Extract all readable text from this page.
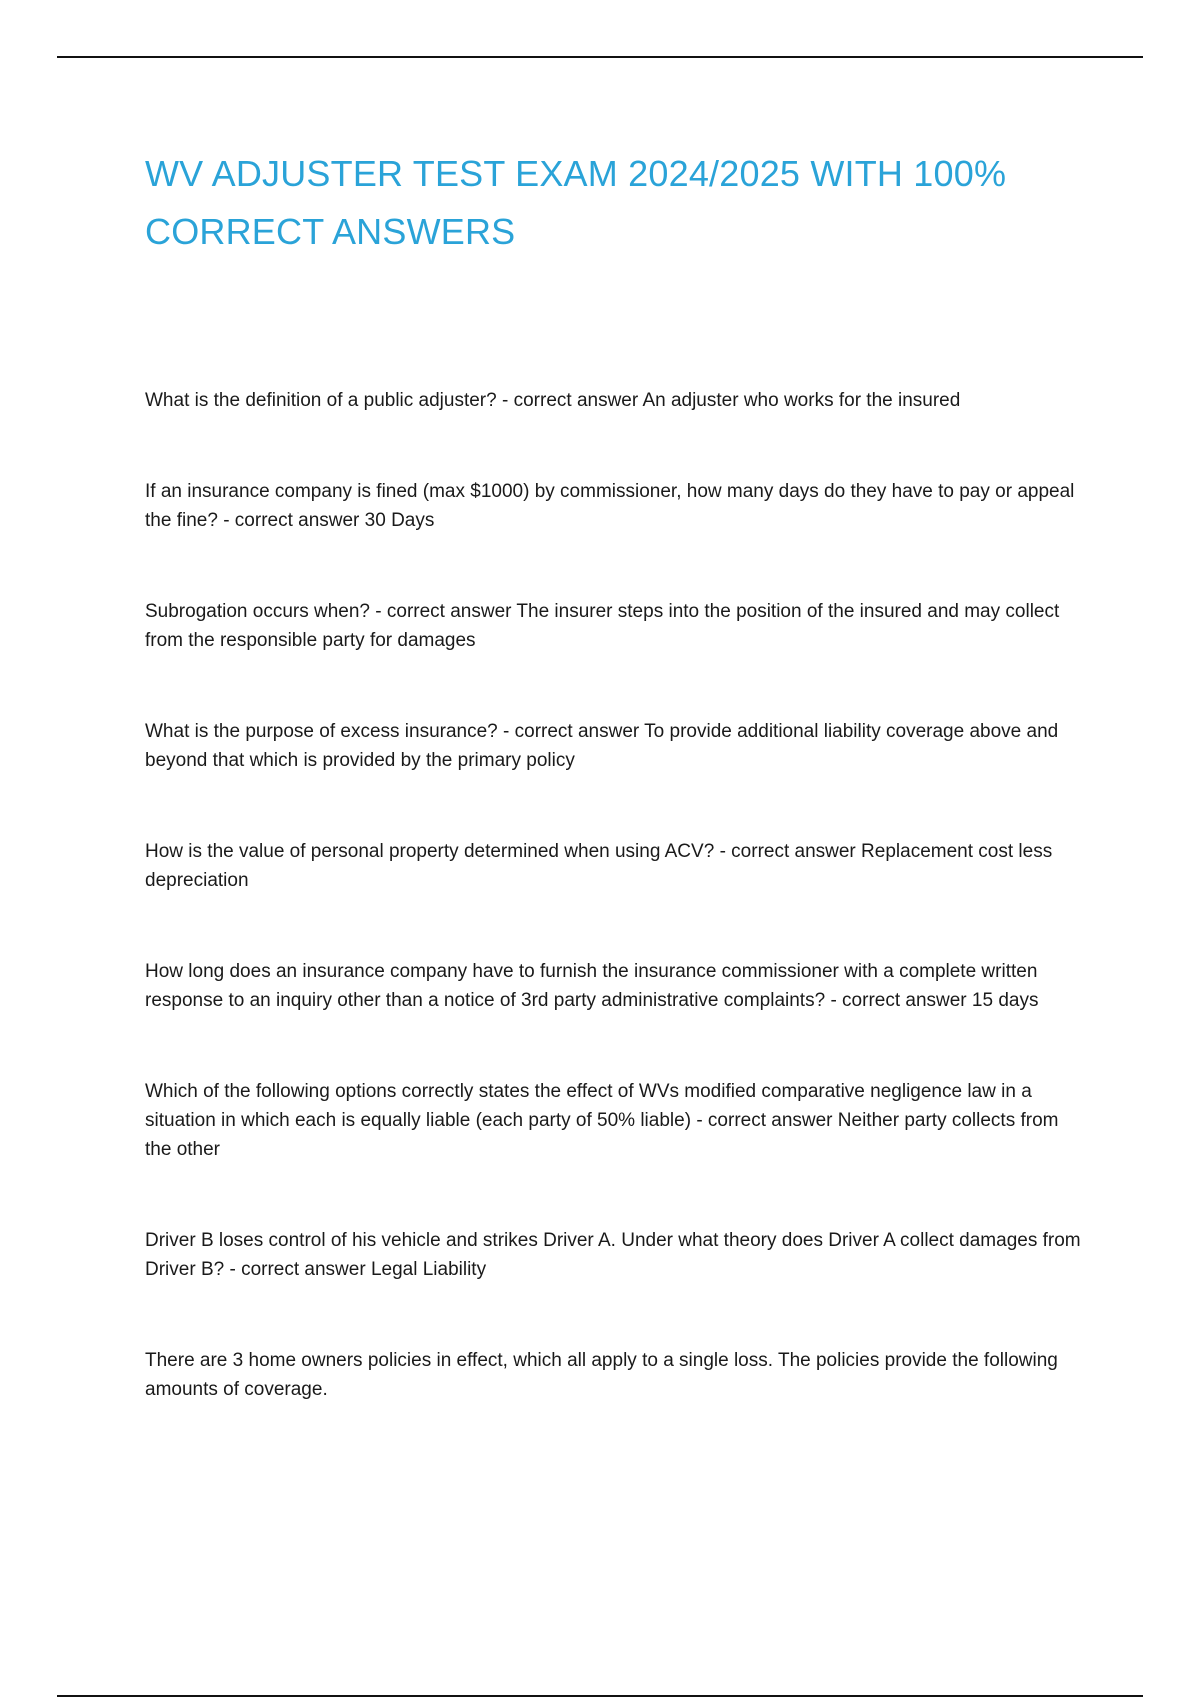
WV ADJUSTER TEST EXAM 2024/2025 WITH 100% CORRECT ANSWERS

What is the definition of a public adjuster? - correct answer An adjuster who works for the insured

If an insurance company is fined (max $1000) by commissioner, how many days do they have to pay or appeal the fine? - correct answer 30 Days

Subrogation occurs when? - correct answer The insurer steps into the position of the insured and may collect from the responsible party for damages

What is the purpose of excess insurance? - correct answer To provide additional liability coverage above and beyond that which is provided by the primary policy

How is the value of personal property determined when using ACV? - correct answer Replacement cost less depreciation

How long does an insurance company have to furnish the insurance commissioner with a complete written response to an inquiry other than a notice of 3rd party administrative complaints? - correct answer 15 days

Which of the following options correctly states the effect of WVs modified comparative negligence law in a situation in which each is equally liable (each party of 50% liable) - correct answer Neither party collects from the other

Driver B loses control of his vehicle and strikes Driver A. Under what theory does Driver A collect damages from Driver B? - correct answer Legal Liability

There are 3 home owners policies in effect, which all apply to a single loss. The policies provide the following amounts of coverage.
